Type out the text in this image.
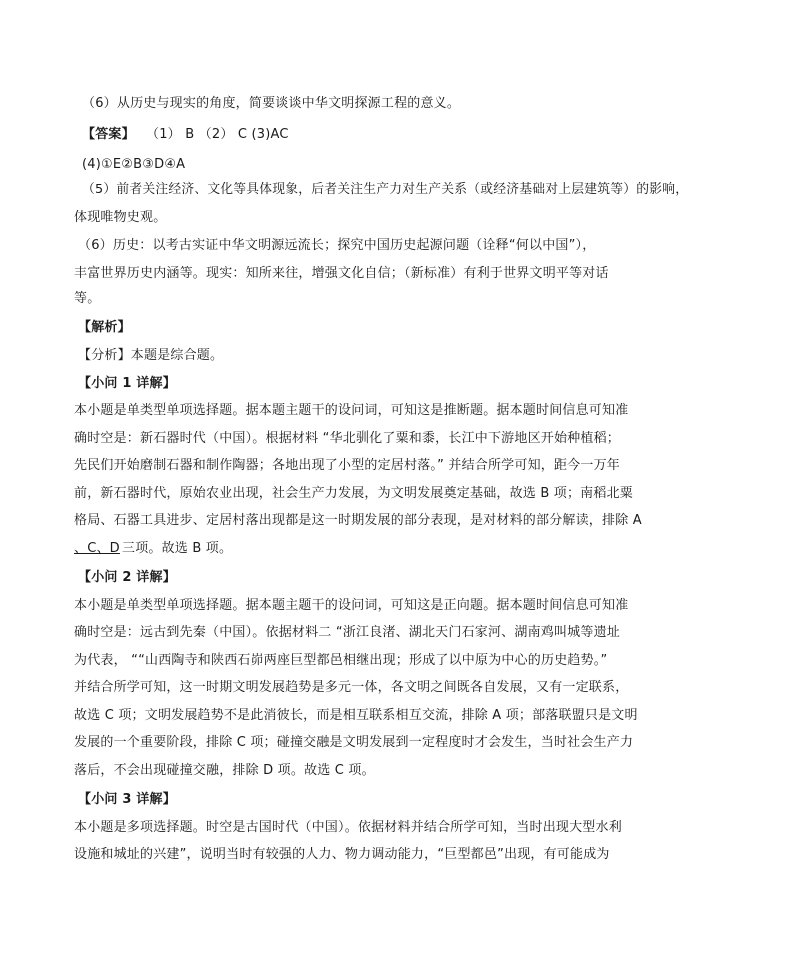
（6）从历史与现实的角度，简要谈谈中华文明探源工程的意义。
【答案】 （1） B （2） C (3)AC
(4)①E②B③D④A
（5）前者关注经济、文化等具体现象，后者关注生产力对生产关系（或经济基础对上层建筑等）的影响，
体现唯物史观。
（6）历史：以考古实证中华文明源远流长；探究中国历史起源问题（诠释“何以中国”），
丰富世界历史内涵等。现实：知所来往，增强文化自信；（新标准）有利于世界文明平等对话
等。
【解析】
【分析】本题是综合题。
【小问 1 详解】
本小题是单类型单项选择题。据本题主题干的设问词，可知这是推断题。据本题时间信息可知准
确时空是：新石器时代（中国）。根据材料 “华北驯化了粟和黍，长江中下游地区开始种植稻；
先民们开始磨制石器和制作陶器；各地出现了小型的定居村落。” 并结合所学可知，距今一万年
前，新石器时代，原始农业出现，社会生产力发展，为文明发展奠定基础，故选 B 项；南稻北粟
格局、石器工具进步、定居村落出现都是这一时期发展的部分表现，是对材料的部分解读，排除 A
、C、D 三项。故选 B 项。
【小问 2 详解】
本小题是单类型单项选择题。据本题主题干的设问词，可知这是正向题。据本题时间信息可知准
确时空是：远古到先秦（中国）。依据材料二 “浙江良渚、湖北天门石家河、湖南鸡叫城等遗址
为代表， ““山西陶寺和陕西石峁两座巨型都邑相继出现；形成了以中原为中心的历史趋势。”
并结合所学可知，这一时期文明发展趋势是多元一体，各文明之间既各自发展，又有一定联系，
故选 C 项；文明发展趋势不是此消彼长，而是相互联系相互交流，排除 A 项；部落联盟只是文明
发展的一个重要阶段，排除 C 项；碰撞交融是文明发展到一定程度时才会发生，当时社会生产力
落后，不会出现碰撞交融，排除 D 项。故选 C 项。
【小问 3 详解】
本小题是多项选择题。时空是古国时代（中国）。依据材料并结合所学可知，当时出现大型水利
设施和城址的兴建”，说明当时有较强的人力、物力调动能力，“巨型都邑”出现，有可能成为
